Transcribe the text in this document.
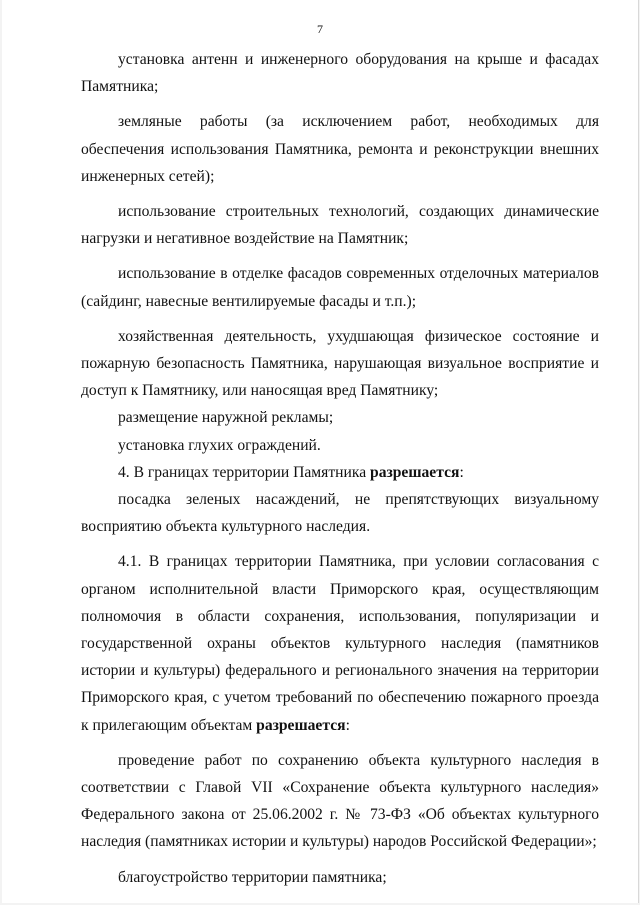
7

установка антенн и инженерного оборудования на крыше и фасадах Памятника;

земляные работы (за исключением работ, необходимых для обеспечения использования Памятника, ремонта и реконструкции внешних инженерных сетей);

использование строительных технологий, создающих динамические нагрузки и негативное воздействие на Памятник;

использование в отделке фасадов современных отделочных материалов (сайдинг, навесные вентилируемые фасады и т.п.);

хозяйственная деятельность, ухудшающая физическое состояние и пожарную безопасность Памятника, нарушающая визуальное восприятие и доступ к Памятнику, или наносящая вред Памятнику;

размещение наружной рекламы;

установка глухих ограждений.

4. В границах территории Памятника разрешается:

посадка зеленых насаждений, не препятствующих визуальному восприятию объекта культурного наследия.

4.1. В границах территории Памятника, при условии согласования с органом исполнительной власти Приморского края, осуществляющим полномочия в области сохранения, использования, популяризации и государственной охраны объектов культурного наследия (памятников истории и культуры) федерального и регионального значения на территории Приморского края, с учетом требований по обеспечению пожарного проезда к прилегающим объектам разрешается:

проведение работ по сохранению объекта культурного наследия в соответствии с Главой VII «Сохранение объекта культурного наследия» Федерального закона от 25.06.2002 г. № 73-ФЗ «Об объектах культурного наследия (памятниках истории и культуры) народов Российской Федерации»;

благоустройство территории памятника;
